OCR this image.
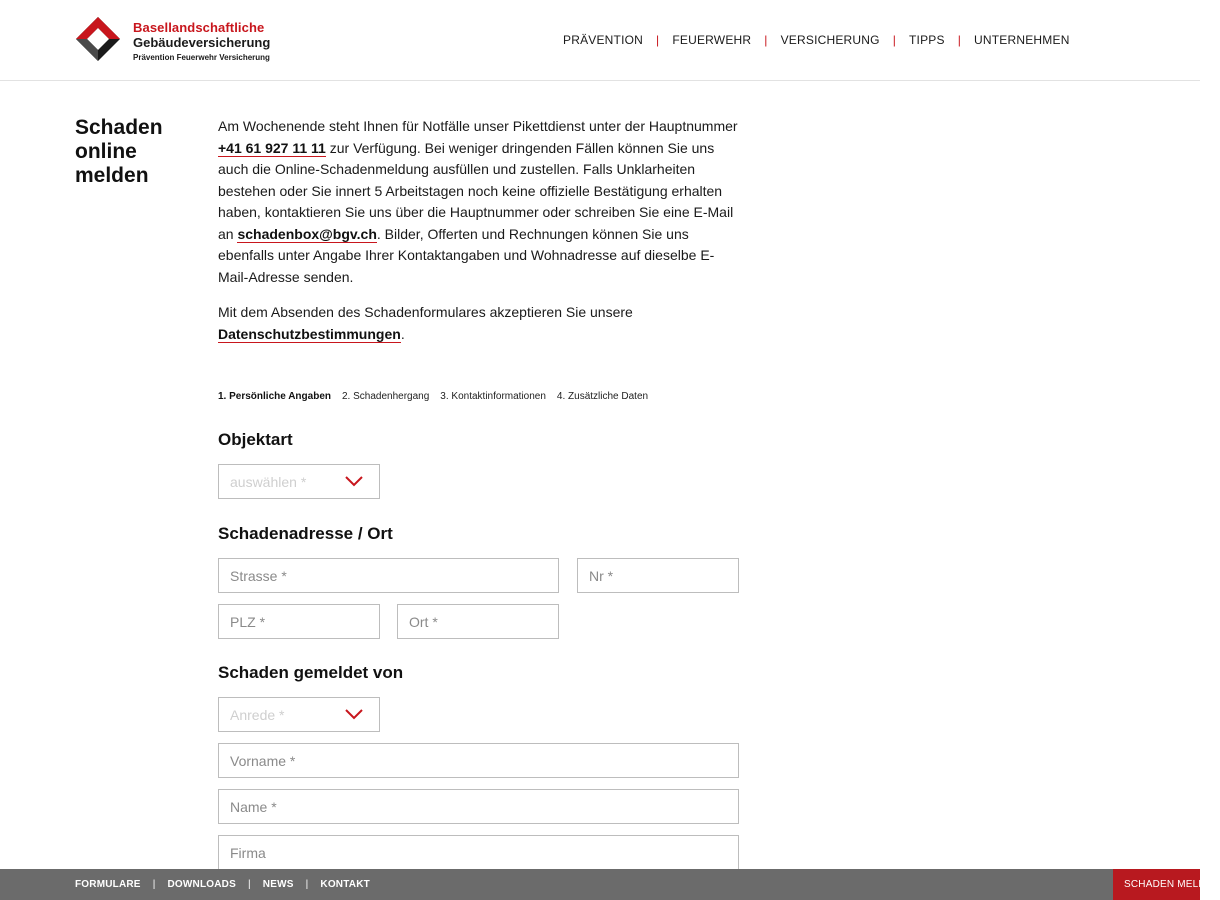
Basellandschaftliche
Gebäudeversicherung
Prävention Feuerwehr Versicherung
PRÄVENTION | FEUERWEHR | VERSICHERUNG | TIPPS | UNTERNEHMEN
Schaden
online
melden

Am Wochenende steht Ihnen für Notfälle unser Pikettdienst unter der Hauptnummer +41 61 927 11 11 zur Verfügung. Bei weniger dringenden Fällen können Sie uns auch die Online-Schadenmeldung ausfüllen und zustellen. Falls Unklarheiten bestehen oder Sie innert 5 Arbeitstagen noch keine offizielle Bestätigung erhalten haben, kontaktieren Sie uns über die Hauptnummer oder schreiben Sie eine E-Mail an schadenbox@bgv.ch. Bilder, Offerten und Rechnungen können Sie uns ebenfalls unter Angabe Ihrer Kontaktangaben und Wohnadresse auf dieselbe E-Mail-Adresse senden.

Mit dem Absenden des Schadenformulares akzeptieren Sie unsere Datenschutzbestimmungen.

1. Persönliche Angaben 2. Schadenhergang 3. Kontaktinformationen 4. Zusätzliche Daten
Objektart
auswählen *
Schadenadresse / Ort
Strasse *	Nr *
PLZ *	Ort *
Schaden gemeldet von
Anrede *
Vorname *
Name *
Firma
FORMULARE | DOWNLOADS | NEWS | KONTAKT	SCHADEN MELDEN
